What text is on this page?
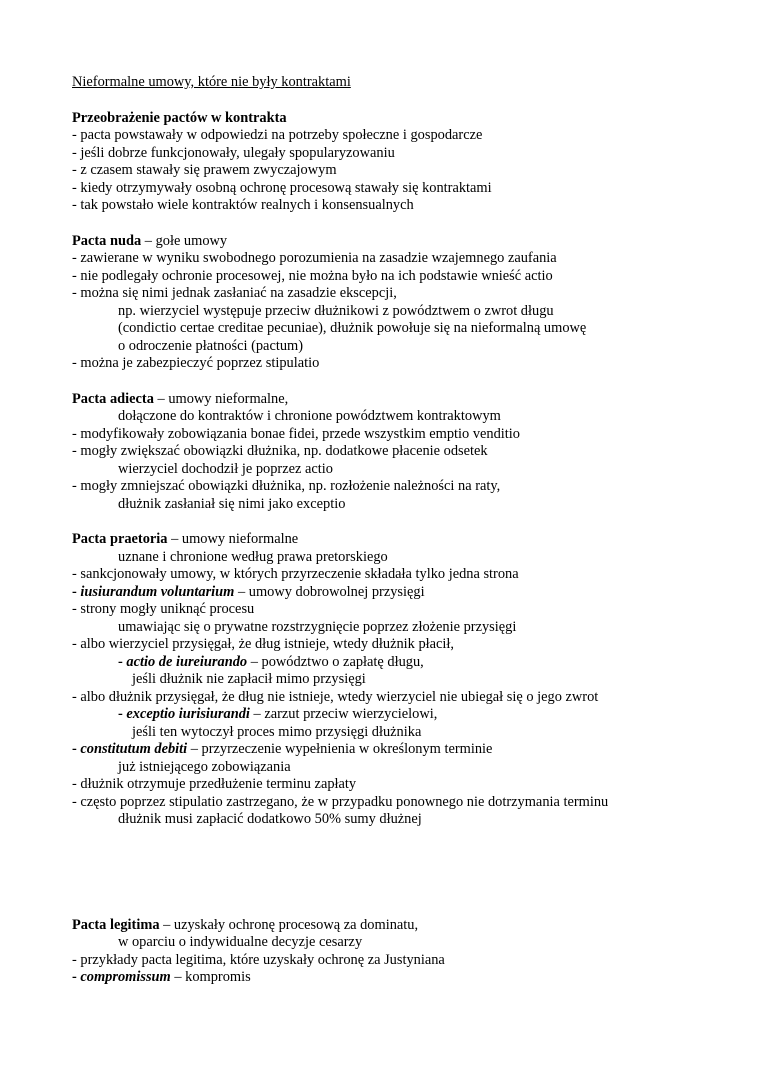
Nieformalne umowy, które nie były kontraktami
Przeobrażenie pactów w kontrakta
- pacta powstawały w odpowiedzi na potrzeby społeczne i gospodarcze
- jeśli dobrze funkcjonowały, ulegały spopularyzowaniu
- z czasem stawały się prawem zwyczajowym
- kiedy otrzymywały osobną ochronę procesową stawały się kontraktami
- tak powstało wiele kontraktów realnych i konsensualnych
Pacta nuda – gołe umowy
- zawierane w wyniku swobodnego porozumienia na zasadzie wzajemnego zaufania
- nie podlegały ochronie procesowej, nie można było na ich podstawie wnieść actio
- można się nimi jednak zasłaniać na zasadzie ekscepcji,
np. wierzyciel występuje przeciw dłużnikowi z powództwem o zwrot długu
(condictio certae creditae pecuniae), dłużnik powołuje się na nieformalną umowę
o odroczenie płatności (pactum)
- można je zabezpieczyć poprzez stipulatio
Pacta adiecta – umowy nieformalne,
dołączone do kontraktów i chronione powództwem kontraktowym
- modyfikowały zobowiązania bonae fidei, przede wszystkim emptio venditio
- mogły zwiększać obowiązki dłużnika, np. dodatkowe płacenie odsetek
wierzyciel dochodził je poprzez actio
- mogły zmniejszać obowiązki dłużnika, np. rozłożenie należności na raty,
dłużnik zasłaniał się nimi jako exceptio
Pacta praetoria – umowy nieformalne
uznane i chronione według prawa pretorskiego
- sankcjonowały umowy, w których przyrzeczenie składała tylko jedna strona
- iusiurandum voluntarium – umowy dobrowolnej przysięgi
- strony mogły uniknąć procesu
umawiając się o prywatne rozstrzygnięcie poprzez złożenie przysięgi
- albo wierzyciel przysięgał, że dług istnieje, wtedy dłużnik płacił,
- actio de iureiurando – powództwo o zapłatę długu,
jeśli dłużnik nie zapłacił mimo przysięgi
- albo dłużnik przysięgał, że dług nie istnieje, wtedy wierzyciel nie ubiegał się o jego zwrot
- exceptio iurisiurandi – zarzut przeciw wierzycielowi,
jeśli ten wytoczył proces mimo przysięgi dłużnika
- constitutum debiti – przyrzeczenie wypełnienia w określonym terminie
już istniejącego zobowiązania
- dłużnik otrzymuje przedłużenie terminu zapłaty
- często poprzez stipulatio zastrzegano, że w przypadku ponownego nie dotrzymania terminu
dłużnik musi zapłacić dodatkowo 50% sumy dłużnej
Pacta legitima – uzyskały ochronę procesową za dominatu,
w oparciu o indywidualne decyzje cesarzy
- przykłady pacta legitima, które uzyskały ochronę za Justyniana
- compromissum – kompromis
